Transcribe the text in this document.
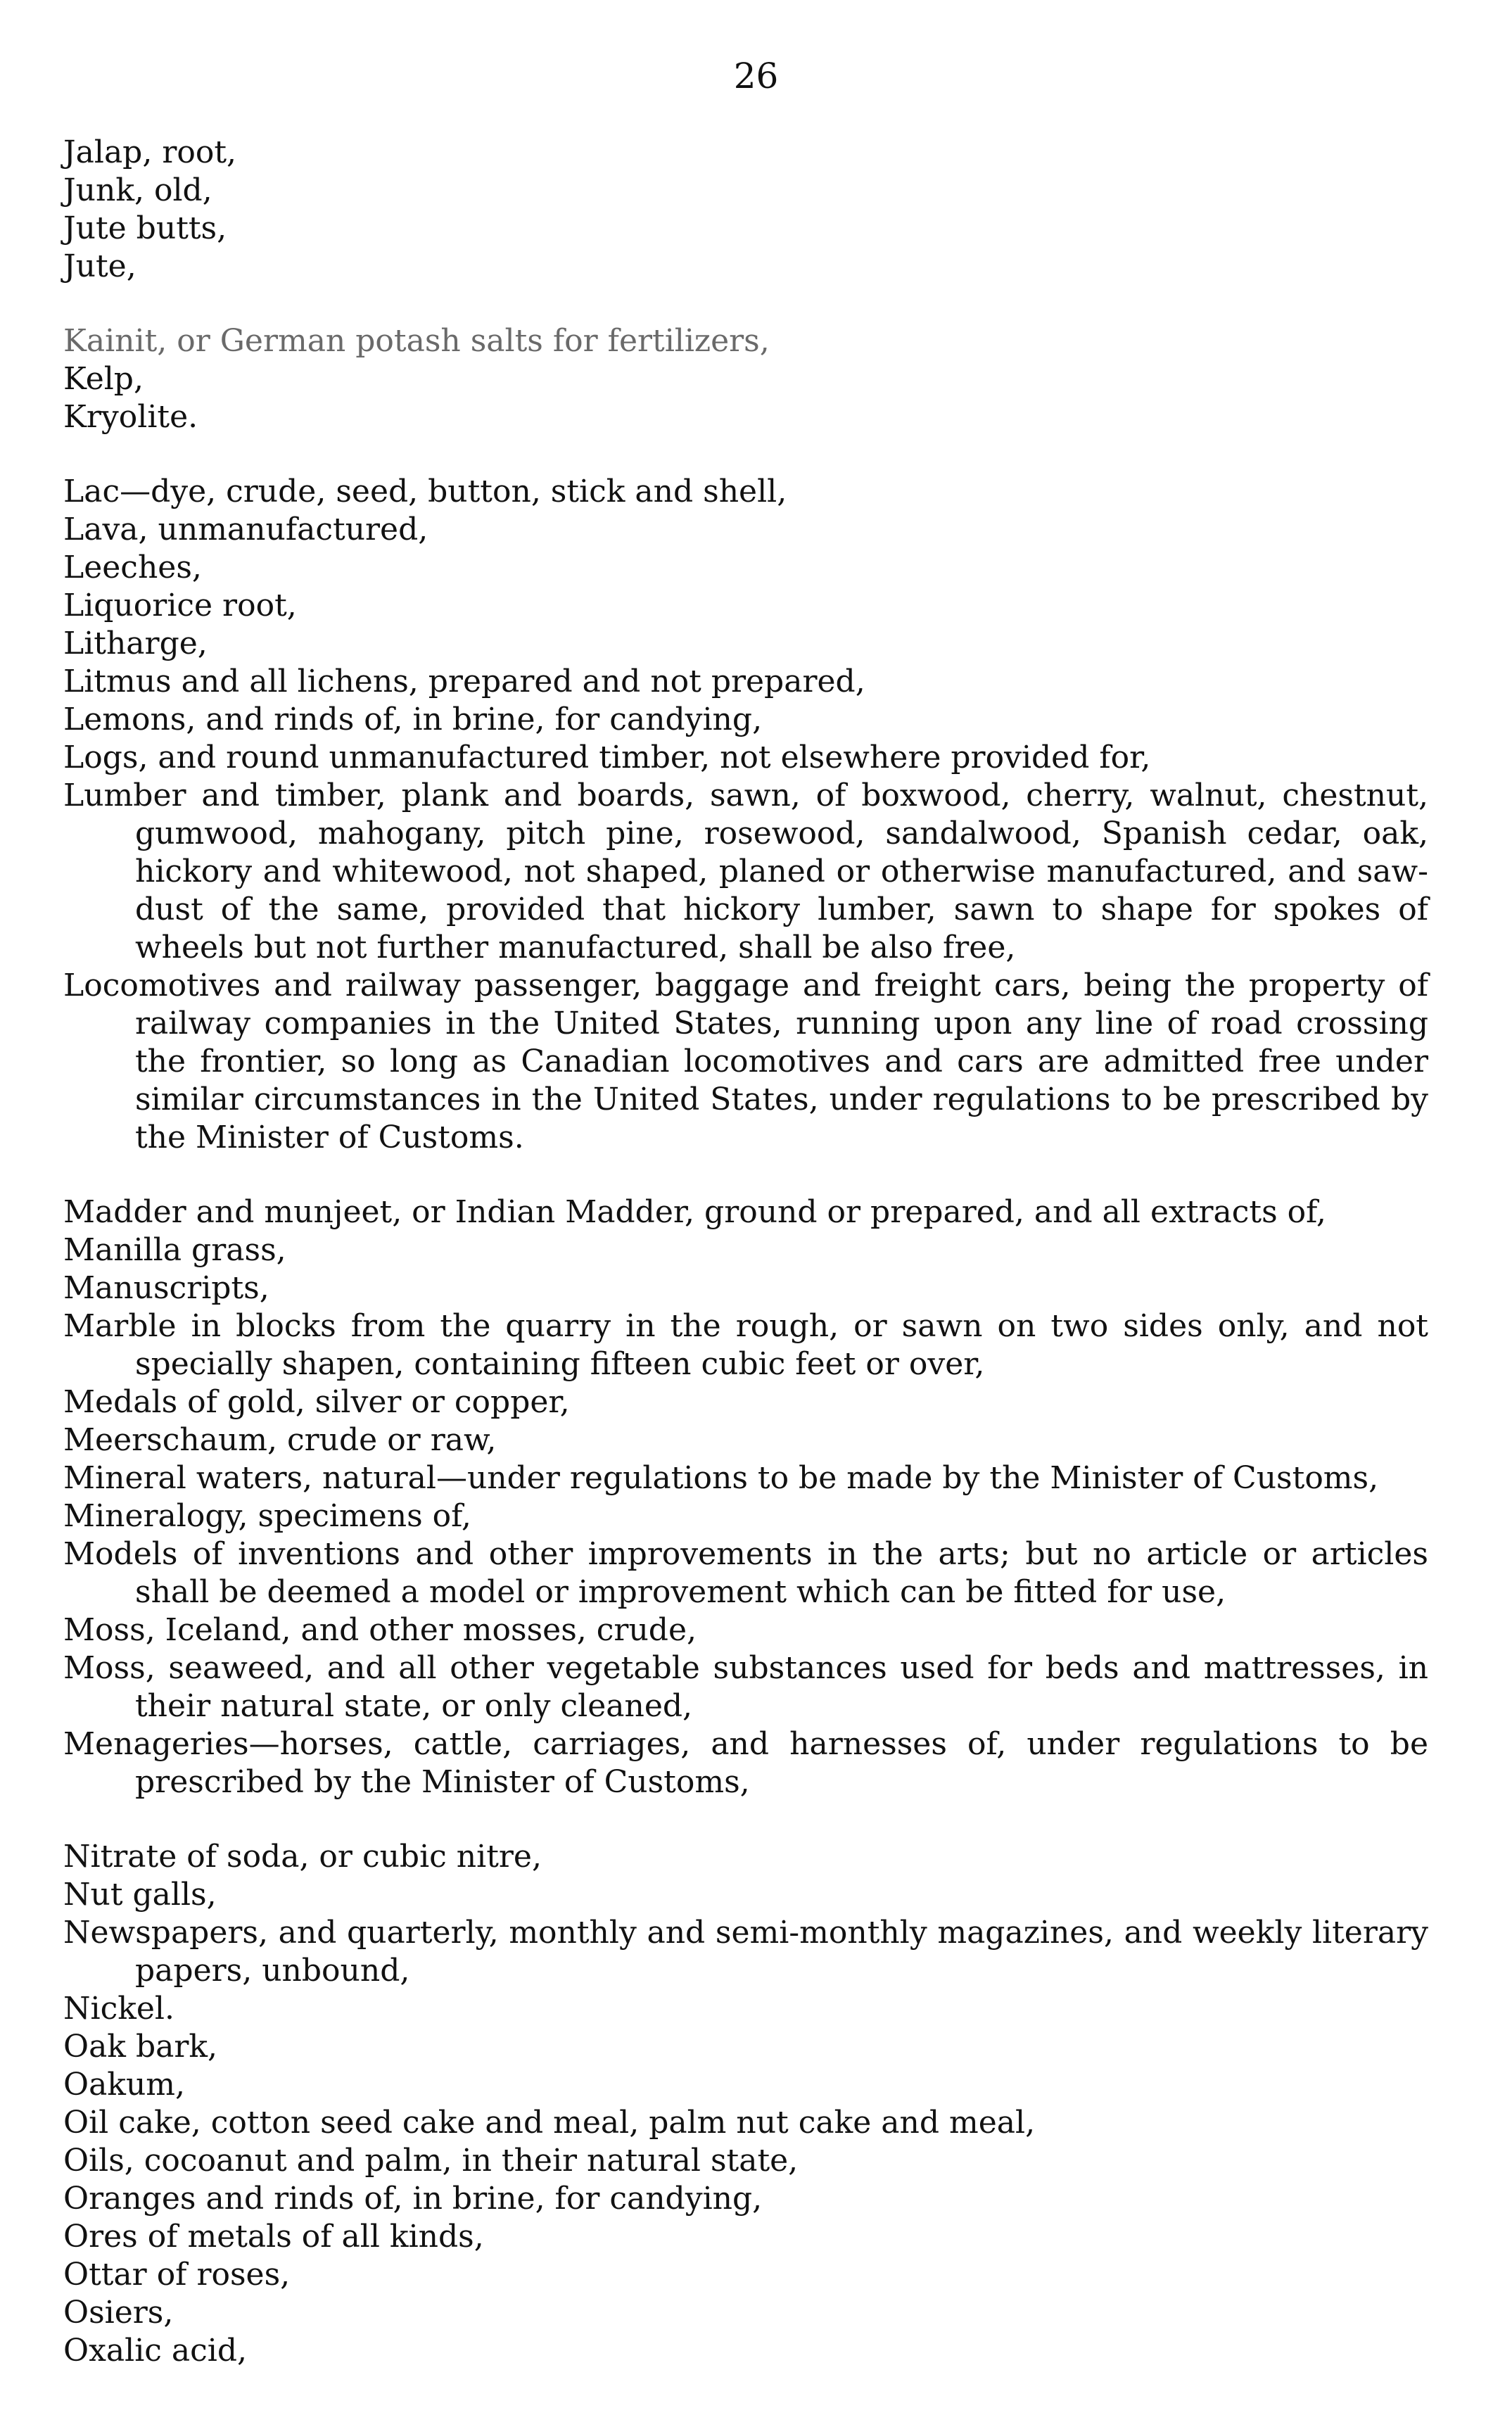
26

Jalap, root,

Junk, old,

Jute butts,

Jute,

Kainit, or German potash salts for fertilizers,

Kelp,

Kryolite.

Lac—dye, crude, seed, button, stick and shell,

Lava, unmanufactured,

Leeches,

Liquorice root,

Litharge,

Litmus and all lichens, prepared and not prepared,

Lemons, and rinds of, in brine, for candying,

Logs, and round unmanufactured timber, not elsewhere provided for,

Lumber and timber, plank and boards, sawn, of boxwood, cherry, walnut, chestnut, gumwood, mahogany, pitch pine, rosewood, sandalwood, Spanish cedar, oak, hickory and whitewood, not shaped, planed or otherwise manufactured, and saw-dust of the same, provided that hickory lumber, sawn to shape for spokes of wheels but not further manufactured, shall be also free,

Locomotives and railway passenger, baggage and freight cars, being the property of railway companies in the United States, running upon any line of road crossing the frontier, so long as Canadian locomotives and cars are admitted free under similar circumstances in the United States, under regulations to be prescribed by the Minister of Customs.

Madder and munjeet, or Indian Madder, ground or prepared, and all extracts of,

Manilla grass,

Manuscripts,

Marble in blocks from the quarry in the rough, or sawn on two sides only, and not specially shapen, containing fifteen cubic feet or over,

Medals of gold, silver or copper,

Meerschaum, crude or raw,

Mineral waters, natural—under regulations to be made by the Minister of Customs,

Mineralogy, specimens of,

Models of inventions and other improvements in the arts; but no article or articles shall be deemed a model or improvement which can be fitted for use,

Moss, Iceland, and other mosses, crude,

Moss, seaweed, and all other vegetable substances used for beds and mattresses, in their natural state, or only cleaned,

Menageries—horses, cattle, carriages, and harnesses of, under regulations to be prescribed by the Minister of Customs,

Nitrate of soda, or cubic nitre,

Nut galls,

Newspapers, and quarterly, monthly and semi-monthly magazines, and weekly literary papers, unbound,

Nickel.

Oak bark,

Oakum,

Oil cake, cotton seed cake and meal, palm nut cake and meal,

Oils, cocoanut and palm, in their natural state,

Oranges and rinds of, in brine, for candying,

Ores of metals of all kinds,

Ottar of roses,

Osiers,

Oxalic acid,
